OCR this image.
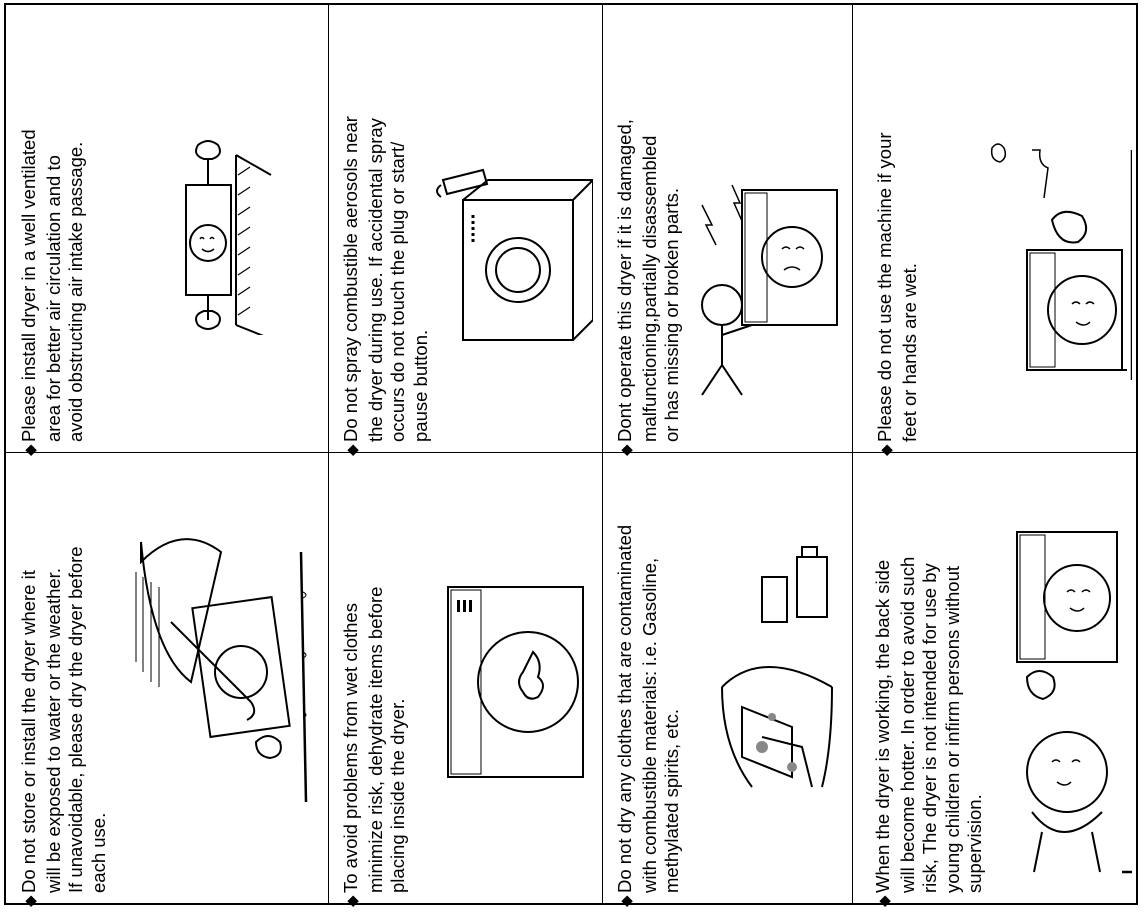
◆ Please install dryer in a well ventilated area for better air circulation and to avoid obstructing air intake passage.
◆ Do not store or install the dryer where it will be exposed to water or the weather. If unavoidable, please dry the dryer before each use.
◆ Do not spray combustible aerosols near the dryer during use. If accidental spray occurs do not touch the plug or start/ pause button.
◆ To avoid problems from wet clothes minimize risk, dehydrate items before placing inside the dryer.
◆ Dont operate this dryer if it is damaged, malfunctioning,partially disassembled or has missing or broken parts.
◆ Do not dry any clothes that are contaminated with combustible materials: i.e. Gasoline, methylated spirits, etc.
◆ Please do not use the machine if your feet or hands are wet.
◆ When the dryer is working, the back side will become hotter. In order to avoid such risk, The dryer is not intended for use by young children or infirm persons without supervision.
